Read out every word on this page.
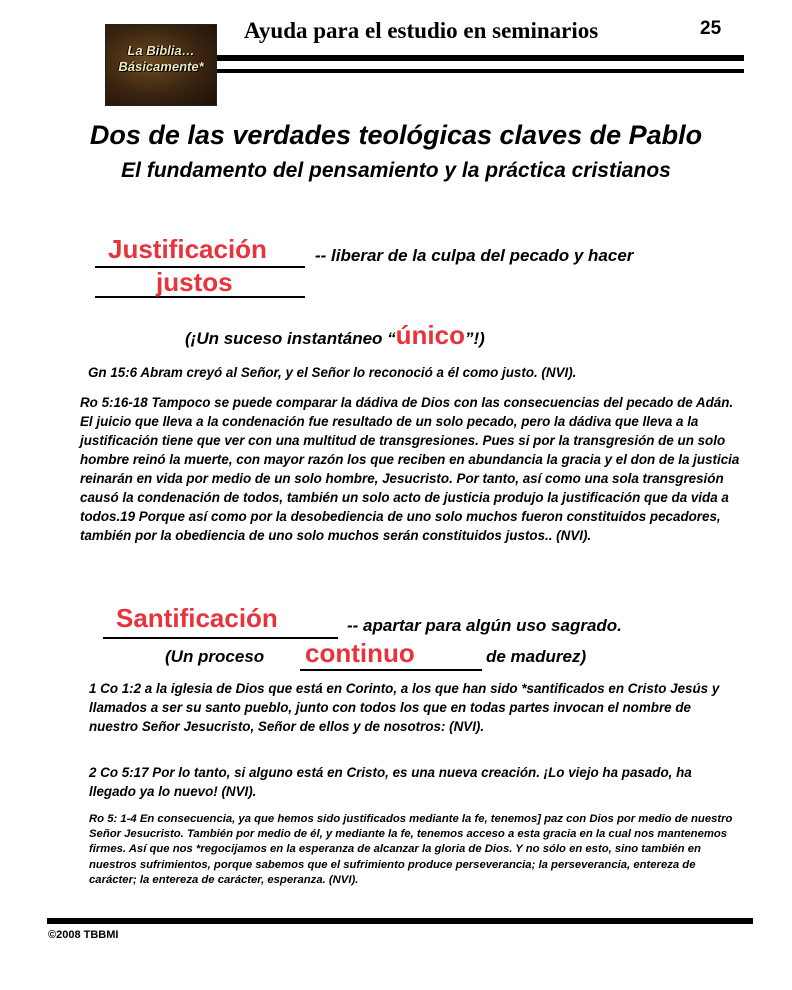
La Biblia…
Básicamente*
Ayuda para el estudio en seminarios	25
Dos de las verdades teológicas claves de Pablo
El fundamento del pensamiento y la práctica cristianos
Justificación	-- liberar de la culpa del pecado y hacer
justos
(¡Un suceso instantáneo “único”!)
Gn 15:6 Abram creyó al Señor, y el Señor lo reconoció a él como justo. (NVI).
Ro 5:16-18 Tampoco se puede comparar la dádiva de Dios con las consecuencias del pecado de Adán. El juicio que lleva a la condenación fue resultado de un solo pecado, pero la dádiva que lleva a la justificación tiene que ver con una multitud de transgresiones. Pues si por la transgresión de un solo hombre reinó la muerte, con mayor razón los que reciben en abundancia la gracia y el don de la justicia reinarán en vida por medio de un solo hombre, Jesucristo. Por tanto, así como una sola transgresión causó la condenación de todos, también un solo acto de justicia produjo la justificación que da vida a todos.19 Porque así como por la desobediencia de uno solo muchos fueron constituidos pecadores, también por la obediencia de uno solo muchos serán constituidos justos.. (NVI).
Santificación	-- apartar para algún uso sagrado.
(Un proceso continuo	de madurez)
1 Co 1:2 a la iglesia de Dios que está en Corinto, a los que han sido *santificados en Cristo Jesús y llamados a ser su santo pueblo, junto con todos los que en todas partes invocan el nombre de nuestro Señor Jesucristo, Señor de ellos y de nosotros: (NVI).
2 Co 5:17 Por lo tanto, si alguno está en Cristo, es una nueva creación. ¡Lo viejo ha pasado, ha llegado ya lo nuevo! (NVI).
Ro 5: 1-4 En consecuencia, ya que hemos sido justificados mediante la fe, tenemos] paz con Dios por medio de nuestro Señor Jesucristo. También por medio de él, y mediante la fe, tenemos acceso a esta gracia en la cual nos mantenemos firmes. Así que nos *regocijamos en la esperanza de alcanzar la gloria de Dios. Y no sólo en esto, sino también en nuestros sufrimientos, porque sabemos que el sufrimiento produce perseverancia; la perseverancia, entereza de carácter; la entereza de carácter, esperanza. (NVI).
©2008 TBBMI
